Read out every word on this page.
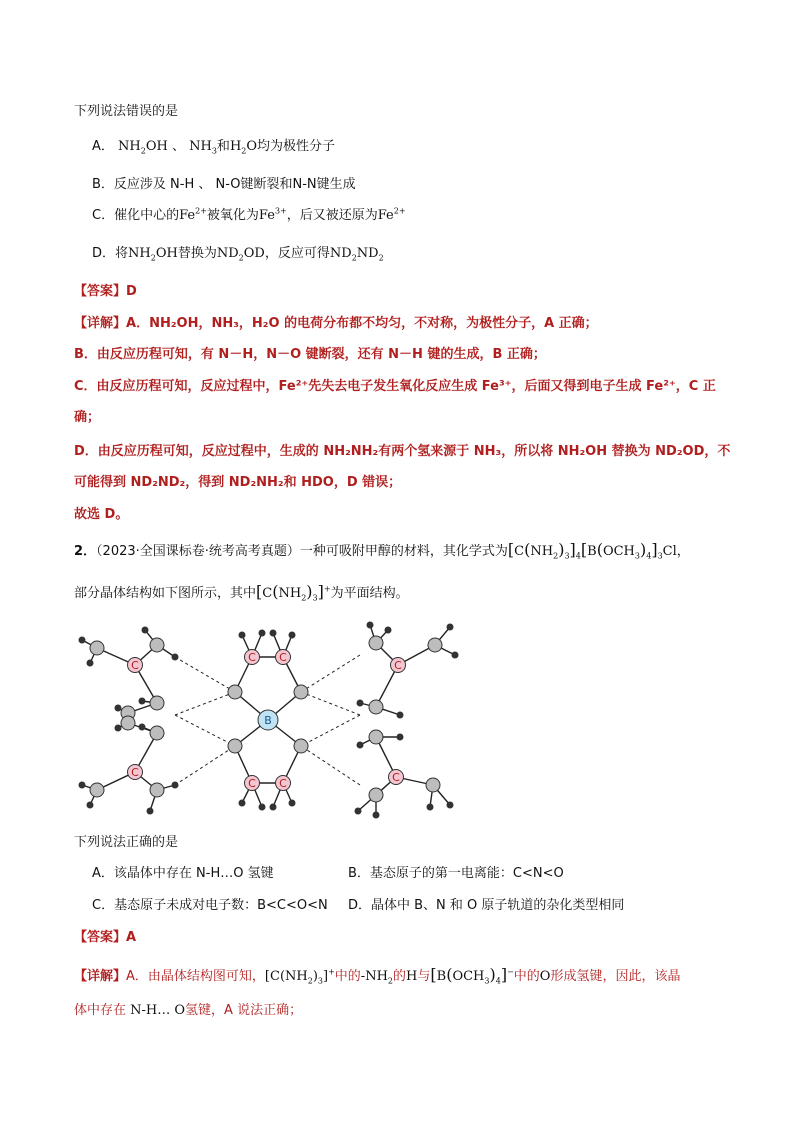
下列说法错误的是
A． $NH_2OH$ 、 $NH_3$和$H_2O$均为极性分子
B．反应涉及 N-H 、 N-O键断裂和N-N键生成
C．催化中心的$Fe^{2+}$被氧化为$Fe^{3+}$，后又被还原为$Fe^{2+}$
D．将$NH_2OH$替换为$ND_2OD$，反应可得$ND_2ND_2$
【答案】D
【详解】A．NH₂OH，NH₃，H₂O 的电荷分布都不均匀，不对称，为极性分子，A 正确；
B．由反应历程可知，有 N－H，N－O 键断裂，还有 N－H 键的生成，B 正确；
C．由反应历程可知，反应过程中，Fe²⁺先失去电子发生氧化反应生成 Fe³⁺，后面又得到电子生成 Fe²⁺，C 正
确；
D．由反应历程可知，反应过程中，生成的 NH₂NH₂有两个氢来源于 NH₃，所以将 NH₂OH 替换为 ND₂OD，不
可能得到 ND₂ND₂，得到 ND₂NH₂和 HDO，D 错误；
故选 D。
2．（2023·全国课标卷·统考高考真题）一种可吸附甲醇的材料，其化学式为$[C(NH_2)_3]_4[B(OCH_3)_4]_3Cl$，
部分晶体结构如下图所示，其中$[C(NH_2)_3]^+$为平面结构。
C C
C C
C
C
C
C
B
下列说法正确的是
A．该晶体中存在 N-H…O 氢键	B．基态原子的第一电离能：C<N<O
C．基态原子未成对电子数：B<C<O<N D．晶体中 B、N 和 O 原子轨道的杂化类型相同
【答案】A
【详解】A．由晶体结构图可知，$[C(NH_2)_3]^+$中的$-NH_2$的H与$[B(OCH_3)_4]^-$中的O形成氢键，因此，该晶
体中存在 N-H… O氢键，A 说法正确；
